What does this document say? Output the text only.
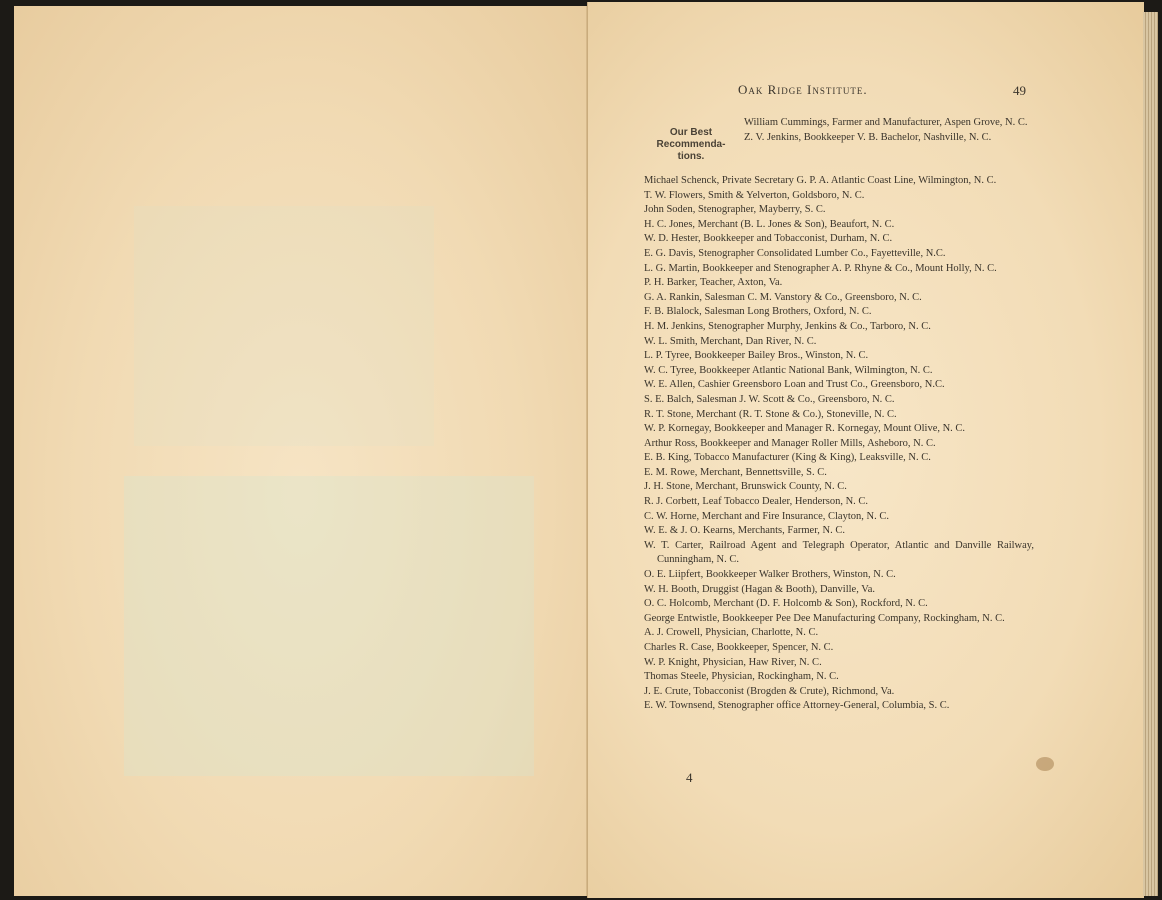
Oak Ridge Institute.	49
Our Best
Recommenda-
tions.

William Cummings, Farmer and Manufacturer, Aspen Grove, N. C.

Z. V. Jenkins, Bookkeeper V. B. Bachelor, Nashville, N. C.

Michael Schenck, Private Secretary G. P. A. Atlantic Coast Line, Wilmington, N. C.

T. W. Flowers, Smith & Yelverton, Goldsboro, N. C.

John Soden, Stenographer, Mayberry, S. C.

H. C. Jones, Merchant (B. L. Jones & Son), Beaufort, N. C.

W. D. Hester, Bookkeeper and Tobacconist, Durham, N. C.

E. G. Davis, Stenographer Consolidated Lumber Co., Fayetteville, N.C.

L. G. Martin, Bookkeeper and Stenographer A. P. Rhyne & Co., Mount Holly, N. C.

P. H. Barker, Teacher, Axton, Va.

G. A. Rankin, Salesman C. M. Vanstory & Co., Greensboro, N. C.

F. B. Blalock, Salesman Long Brothers, Oxford, N. C.

H. M. Jenkins, Stenographer Murphy, Jenkins & Co., Tarboro, N. C.

W. L. Smith, Merchant, Dan River, N. C.

L. P. Tyree, Bookkeeper Bailey Bros., Winston, N. C.

W. C. Tyree, Bookkeeper Atlantic National Bank, Wilmington, N. C.

W. E. Allen, Cashier Greensboro Loan and Trust Co., Greensboro, N.C.

S. E. Balch, Salesman J. W. Scott & Co., Greensboro, N. C.

R. T. Stone, Merchant (R. T. Stone & Co.), Stoneville, N. C.

W. P. Kornegay, Bookkeeper and Manager R. Kornegay, Mount Olive, N. C.

Arthur Ross, Bookkeeper and Manager Roller Mills, Asheboro, N. C.

E. B. King, Tobacco Manufacturer (King & King), Leaksville, N. C.

E. M. Rowe, Merchant, Bennettsville, S. C.

J. H. Stone, Merchant, Brunswick County, N. C.

R. J. Corbett, Leaf Tobacco Dealer, Henderson, N. C.

C. W. Horne, Merchant and Fire Insurance, Clayton, N. C.

W. E. & J. O. Kearns, Merchants, Farmer, N. C.

W. T. Carter, Railroad Agent and Telegraph Operator, Atlantic and Danville Railway, Cunningham, N. C.

O. E. Liipfert, Bookkeeper Walker Brothers, Winston, N. C.

W. H. Booth, Druggist (Hagan & Booth), Danville, Va.

O. C. Holcomb, Merchant (D. F. Holcomb & Son), Rockford, N. C.

George Entwistle, Bookkeeper Pee Dee Manufacturing Company, Rockingham, N. C.

A. J. Crowell, Physician, Charlotte, N. C.

Charles R. Case, Bookkeeper, Spencer, N. C.

W. P. Knight, Physician, Haw River, N. C.

Thomas Steele, Physician, Rockingham, N. C.

J. E. Crute, Tobacconist (Brogden & Crute), Richmond, Va.

E. W. Townsend, Stenographer office Attorney-General, Columbia, S. C.

4
